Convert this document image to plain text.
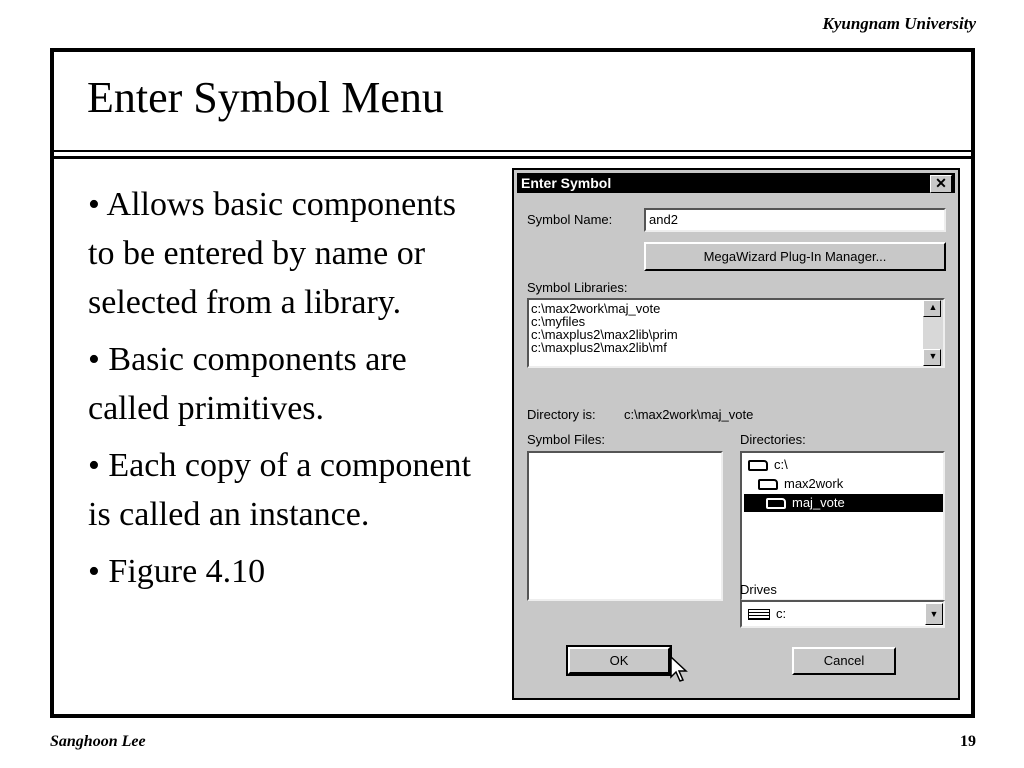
Kyungnam University
Enter Symbol Menu

• Allows basic components to be entered by name or selected from a library.

• Basic components are called primitives.

• Each copy of a component is called an instance.

• Figure 4.10

Enter Symbol	✕
Symbol Name:	and2
MegaWizard Plug-In Manager...
Symbol Libraries:
c:\max2work\maj_vote
c:\myfiles
c:\maxplus2\max2lib\prim
c:\maxplus2\max2lib\mf
▲
▼
Directory is: c:\max2work\maj_vote
Symbol Files:	Directories:
c:\
max2work
maj_vote
Drives
c:	▼
OK	Cancel
Sanghoon Lee	19
